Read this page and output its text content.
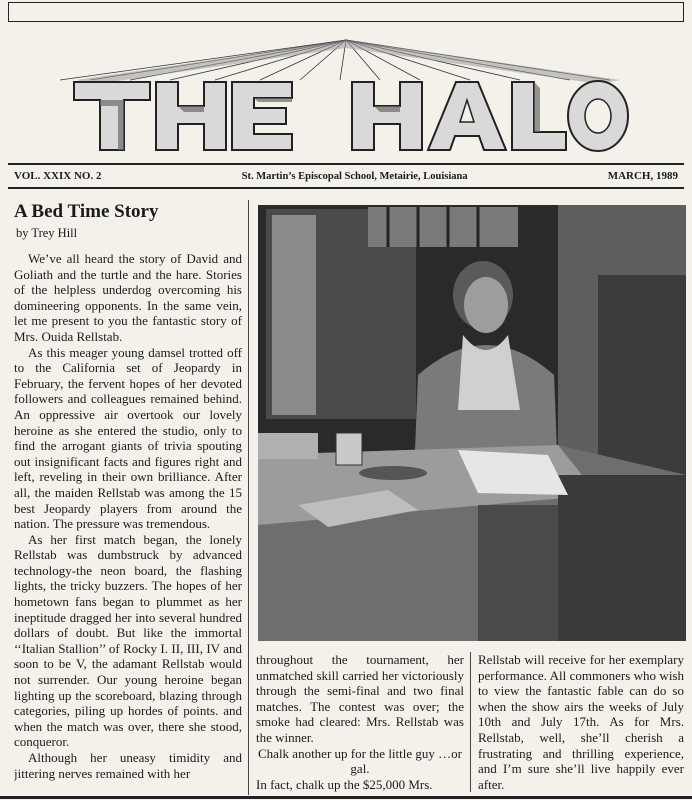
VOL. XXIX NO. 2	St. Martin’s Episcopal School, Metairie, Louisiana	MARCH, 1989
A Bed Time Story
by Trey Hill

We’ve all heard the story of David and Goliath and the turtle and the hare. Stories of the helpless underdog overcoming his domineering opponents. In the same vein, let me present to you the fantastic story of Mrs. Ouida Rellstab.

As this meager young damsel trotted off to the California set of Jeopardy in February, the fervent hopes of her devoted followers and colleagues remained behind. An oppressive air overtook our lovely heroine as she entered the studio, only to find the arrogant giants of trivia spouting out insignificant facts and figures right and left, reveling in their own brilliance. After all, the maiden Rellstab was among the 15 best Jeopardy players from around the nation. The pressure was tremendous.

As her first match began, the lonely Rellstab was dumbstruck by advanced technology-the neon board, the flashing lights, the tricky buzzers. The hopes of her hometown fans began to plummet as her ineptitude dragged her into several hundred dollars of doubt. But like the immortal ‘‘Italian Stallion’’ of Rocky I. II, III, IV and soon to be V, the adamant Rellstab would not surrender. Our young heroine began lighting up the scoreboard, blazing through categories, piling up hordes of points. and when the match was over, there she stood, conqueror.

Although her uneasy timidity and jittering nerves remained with her

throughout the tournament, her unmatched skill carried her victoriously through the semi-final and two final matches. The contest was over; the smoke had cleared: Mrs. Rellstab was the winner.

Chalk another up for the little guy …or gal.

In fact, chalk up the $25,000 Mrs.

Rellstab will receive for her exemplary performance. All commoners who wish to view the fantastic fable can do so when the show airs the weeks of July 10th and July 17th. As for Mrs. Rellstab, well, she’ll cherish a frustrating and thrilling experience, and I’m sure she’ll live happily ever after.
